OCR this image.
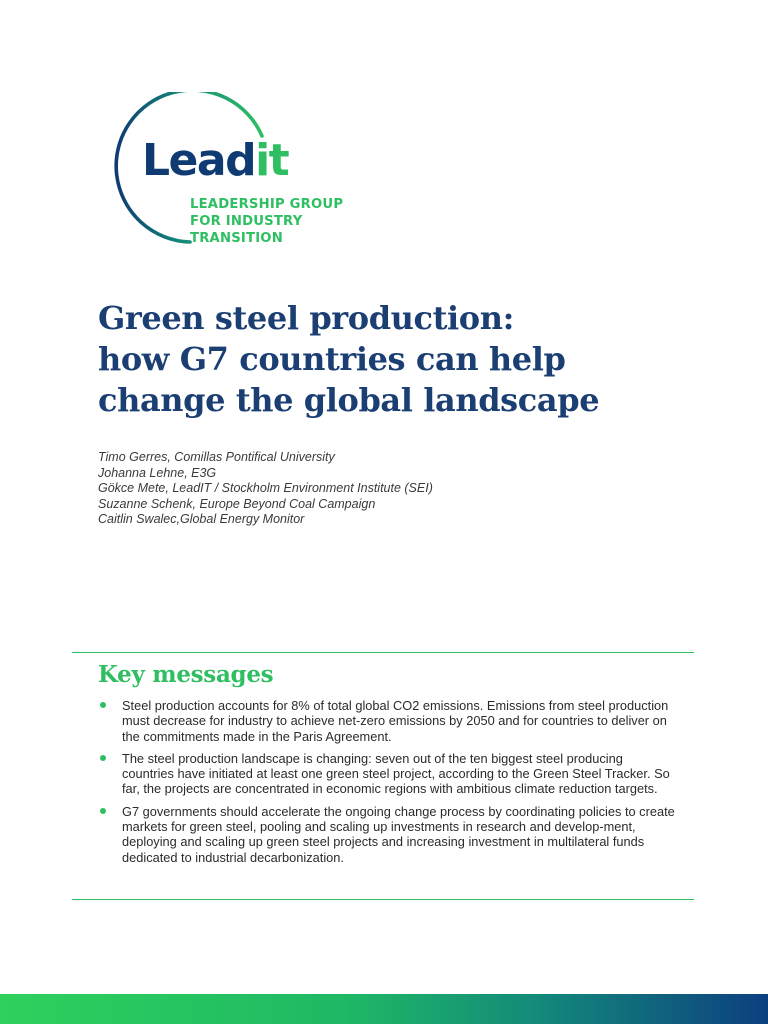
Leadit
LEADERSHIP GROUP
FOR INDUSTRY
TRANSITION
Green steel production:
how G7 countries can help
change the global landscape
Timo Gerres, Comillas Pontifical University
Johanna Lehne, E3G
Gökce Mete, LeadIT / Stockholm Environment Institute (SEI)
Suzanne Schenk, Europe Beyond Coal Campaign
Caitlin Swalec,Global Energy Monitor
Key messages
Steel production accounts for 8% of total global CO2 emissions. Emissions from steel production must decrease for industry to achieve net-zero emissions by 2050 and for countries to deliver on the commitments made in the Paris Agreement.
The steel production landscape is changing: seven out of the ten biggest steel producing countries have initiated at least one green steel project, according to the Green Steel Tracker. So far, the projects are concentrated in economic regions with ambitious climate reduction targets.
G7 governments should accelerate the ongoing change process by coordinating policies to create markets for green steel, pooling and scaling up investments in research and develop-ment, deploying and scaling up green steel projects and increasing investment in multilateral funds dedicated to industrial decarbonization.
